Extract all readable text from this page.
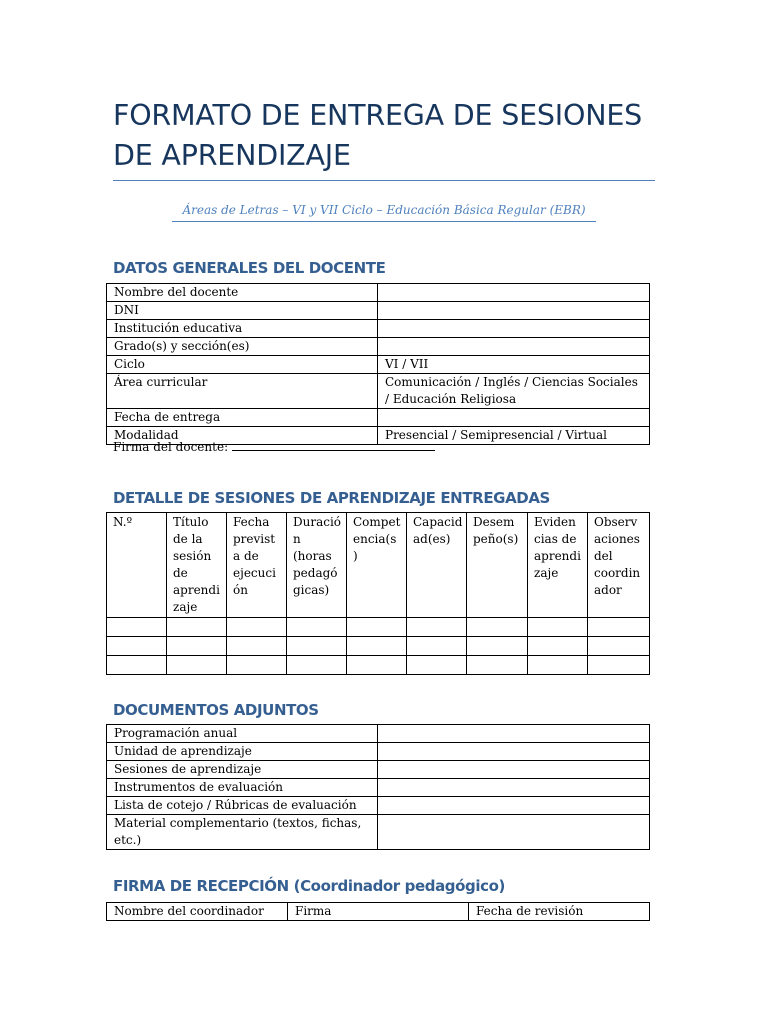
FORMATO DE ENTREGA DE SESIONES
DE APRENDIZAJE
Áreas de Letras – VI y VII Ciclo – Educación Básica Regular (EBR)
DATOS GENERALES DEL DOCENTE
Nombre del docente	
DNI	
Institución educativa	
Grado(s) y sección(es)	
Ciclo	VI / VII
Área curricular	Comunicación / Inglés / Ciencias Sociales / Educación Religiosa
Fecha de entrega	
Modalidad	Presencial / Semipresencial / Virtual
Firma del docente:
DETALLE DE SESIONES DE APRENDIZAJE ENTREGADAS
N.º	Título de la sesión de aprendi zaje	Fecha previst a de ejecuci ón	Duració n (horas pedagó gicas)	Compet encia(s )	Capacid ad(es)	Desem peño(s)	Eviden cias de aprendi zaje	Observ aciones del coordin ador

DOCUMENTOS ADJUNTOS
Programación anual	
Unidad de aprendizaje	
Sesiones de aprendizaje	
Instrumentos de evaluación	
Lista de cotejo / Rúbricas de evaluación	
Material complementario (textos, fichas, etc.)	
FIRMA DE RECEPCIÓN (Coordinador pedagógico)
Nombre del coordinador	Firma	Fecha de revisión
